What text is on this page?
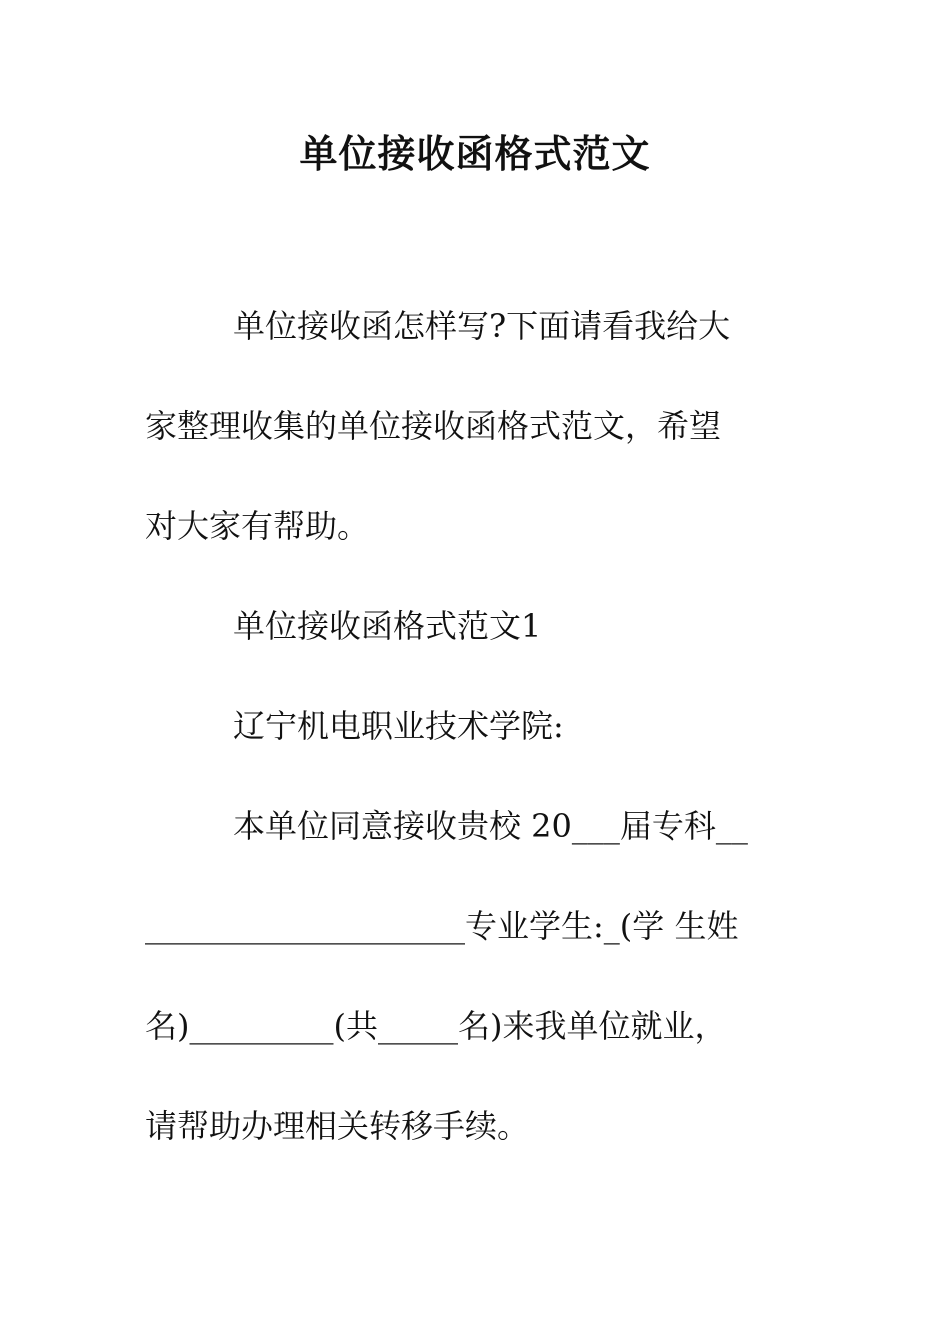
单位接收函格式范文
单位接收函怎样写?下面请看我给大
家整理收集的单位接收函格式范文，希望
对大家有帮助。
单位接收函格式范文1
辽宁机电职业技术学院:
本单位同意接收贵校 20___届专科__
____________________专业学生:_(学 生姓
名)_________(共_____名)来我单位就业，
请帮助办理相关转移手续。
